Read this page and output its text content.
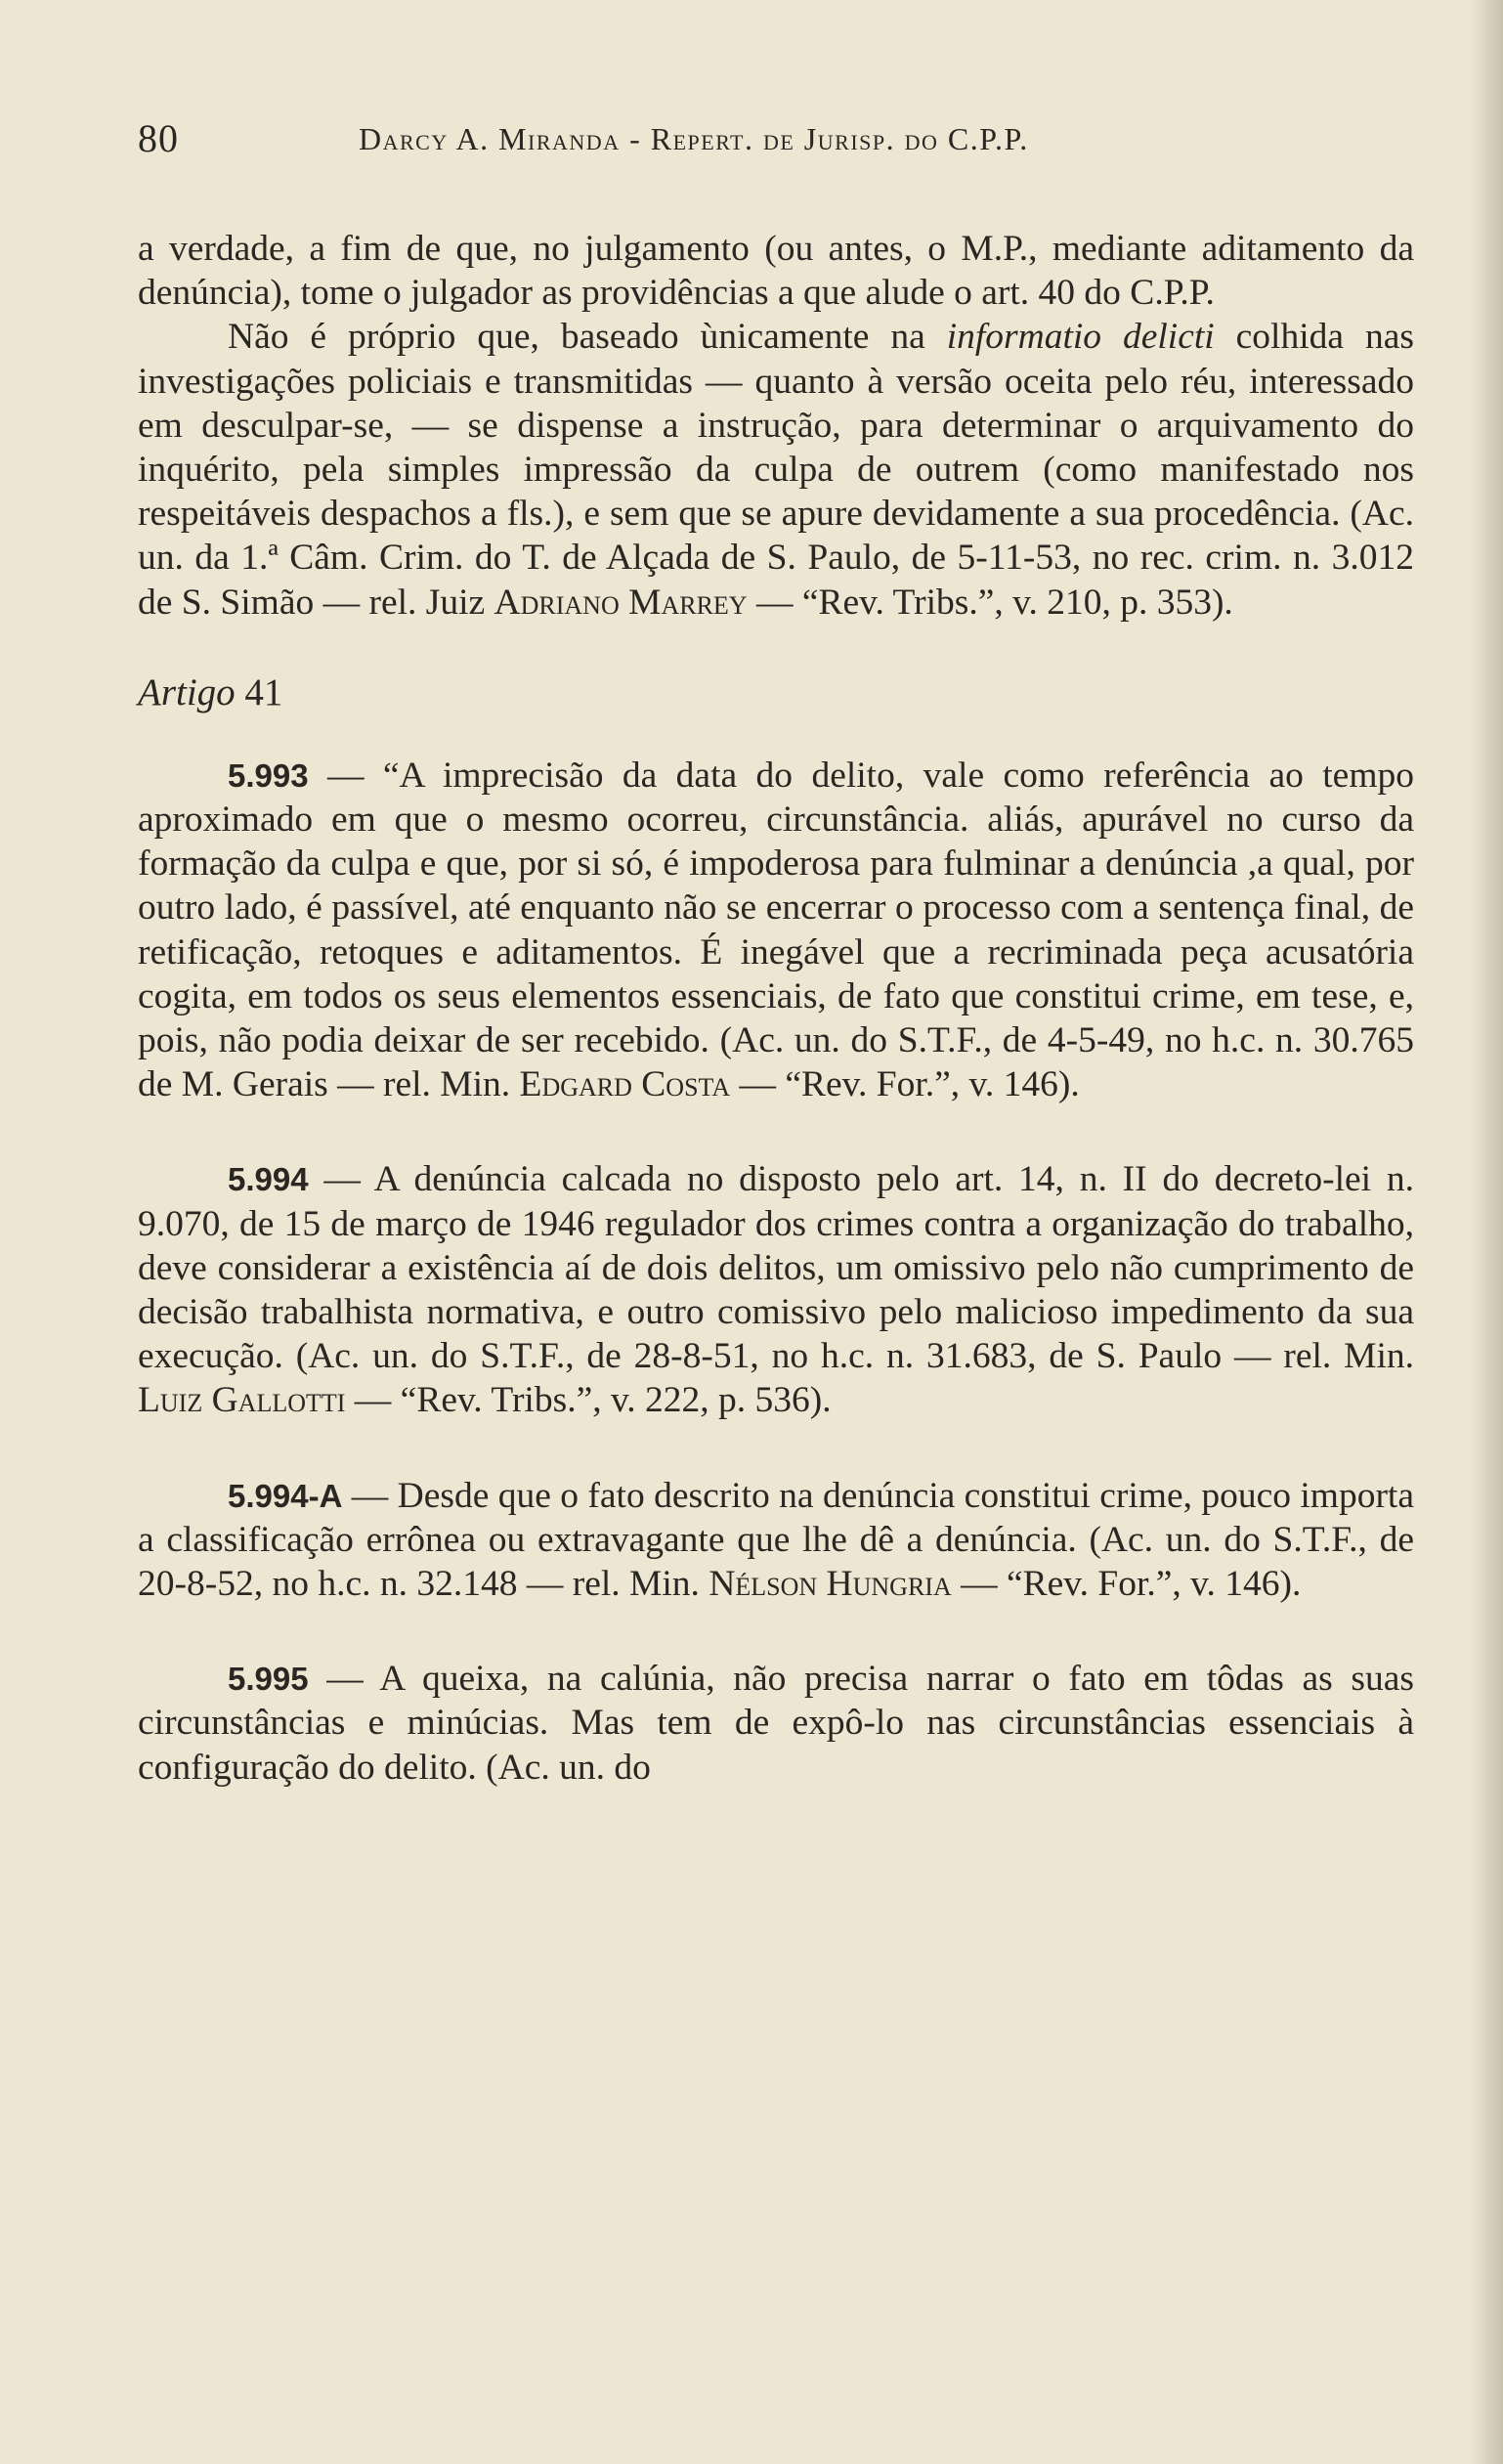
80	Darcy A. Miranda - Repert. de Jurisp. do C.P.P.

a verdade, a fim de que, no julgamento (ou antes, o M.P., mediante aditamento da denúncia), tome o julgador as providências a que alude o art. 40 do C.P.P.

Não é próprio que, baseado ùnicamente na informatio delicti colhida nas investigações policiais e transmitidas — quanto à versão oceita pelo réu, interessado em desculpar-se, — se dispense a instrução, para determinar o arquivamento do inquérito, pela simples impressão da culpa de outrem (como manifestado nos respeitáveis despachos a fls.), e sem que se apure devidamente a sua procedência. (Ac. un. da 1.ª Câm. Crim. do T. de Alçada de S. Paulo, de 5-11-53, no rec. crim. n. 3.012 de S. Simão — rel. Juiz Adriano Marrey — “Rev. Tribs.”, v. 210, p. 353).

Artigo 41

5.993 — “A imprecisão da data do delito, vale como referência ao tempo aproximado em que o mesmo ocorreu, circunstância. aliás, apurável no curso da formação da culpa e que, por si só, é impoderosa para fulminar a denúncia ,a qual, por outro lado, é passível, até enquanto não se encerrar o processo com a sentença final, de retificação, retoques e aditamentos. É inegável que a recriminada peça acusatória cogita, em todos os seus elementos essenciais, de fato que constitui crime, em tese, e, pois, não podia deixar de ser recebido. (Ac. un. do S.T.F., de 4-5-49, no h.c. n. 30.765 de M. Gerais — rel. Min. Edgard Costa — “Rev. For.”, v. 146).

5.994 — A denúncia calcada no disposto pelo art. 14, n. II do decreto-lei n. 9.070, de 15 de março de 1946 regulador dos crimes contra a organização do trabalho, deve considerar a existência aí de dois delitos, um omissivo pelo não cumprimento de decisão trabalhista normativa, e outro comissivo pelo malicioso impedimento da sua execução. (Ac. un. do S.T.F., de 28-8-51, no h.c. n. 31.683, de S. Paulo — rel. Min. Luiz Gallotti — “Rev. Tribs.”, v. 222, p. 536).

5.994-A — Desde que o fato descrito na denúncia constitui crime, pouco importa a classificação errônea ou extravagante que lhe dê a denúncia. (Ac. un. do S.T.F., de 20-8-52, no h.c. n. 32.148 — rel. Min. Nélson Hungria — “Rev. For.”, v. 146).

5.995 — A queixa, na calúnia, não precisa narrar o fato em tôdas as suas circunstâncias e minúcias. Mas tem de expô-lo nas circunstâncias essenciais à configuração do delito. (Ac. un. do
